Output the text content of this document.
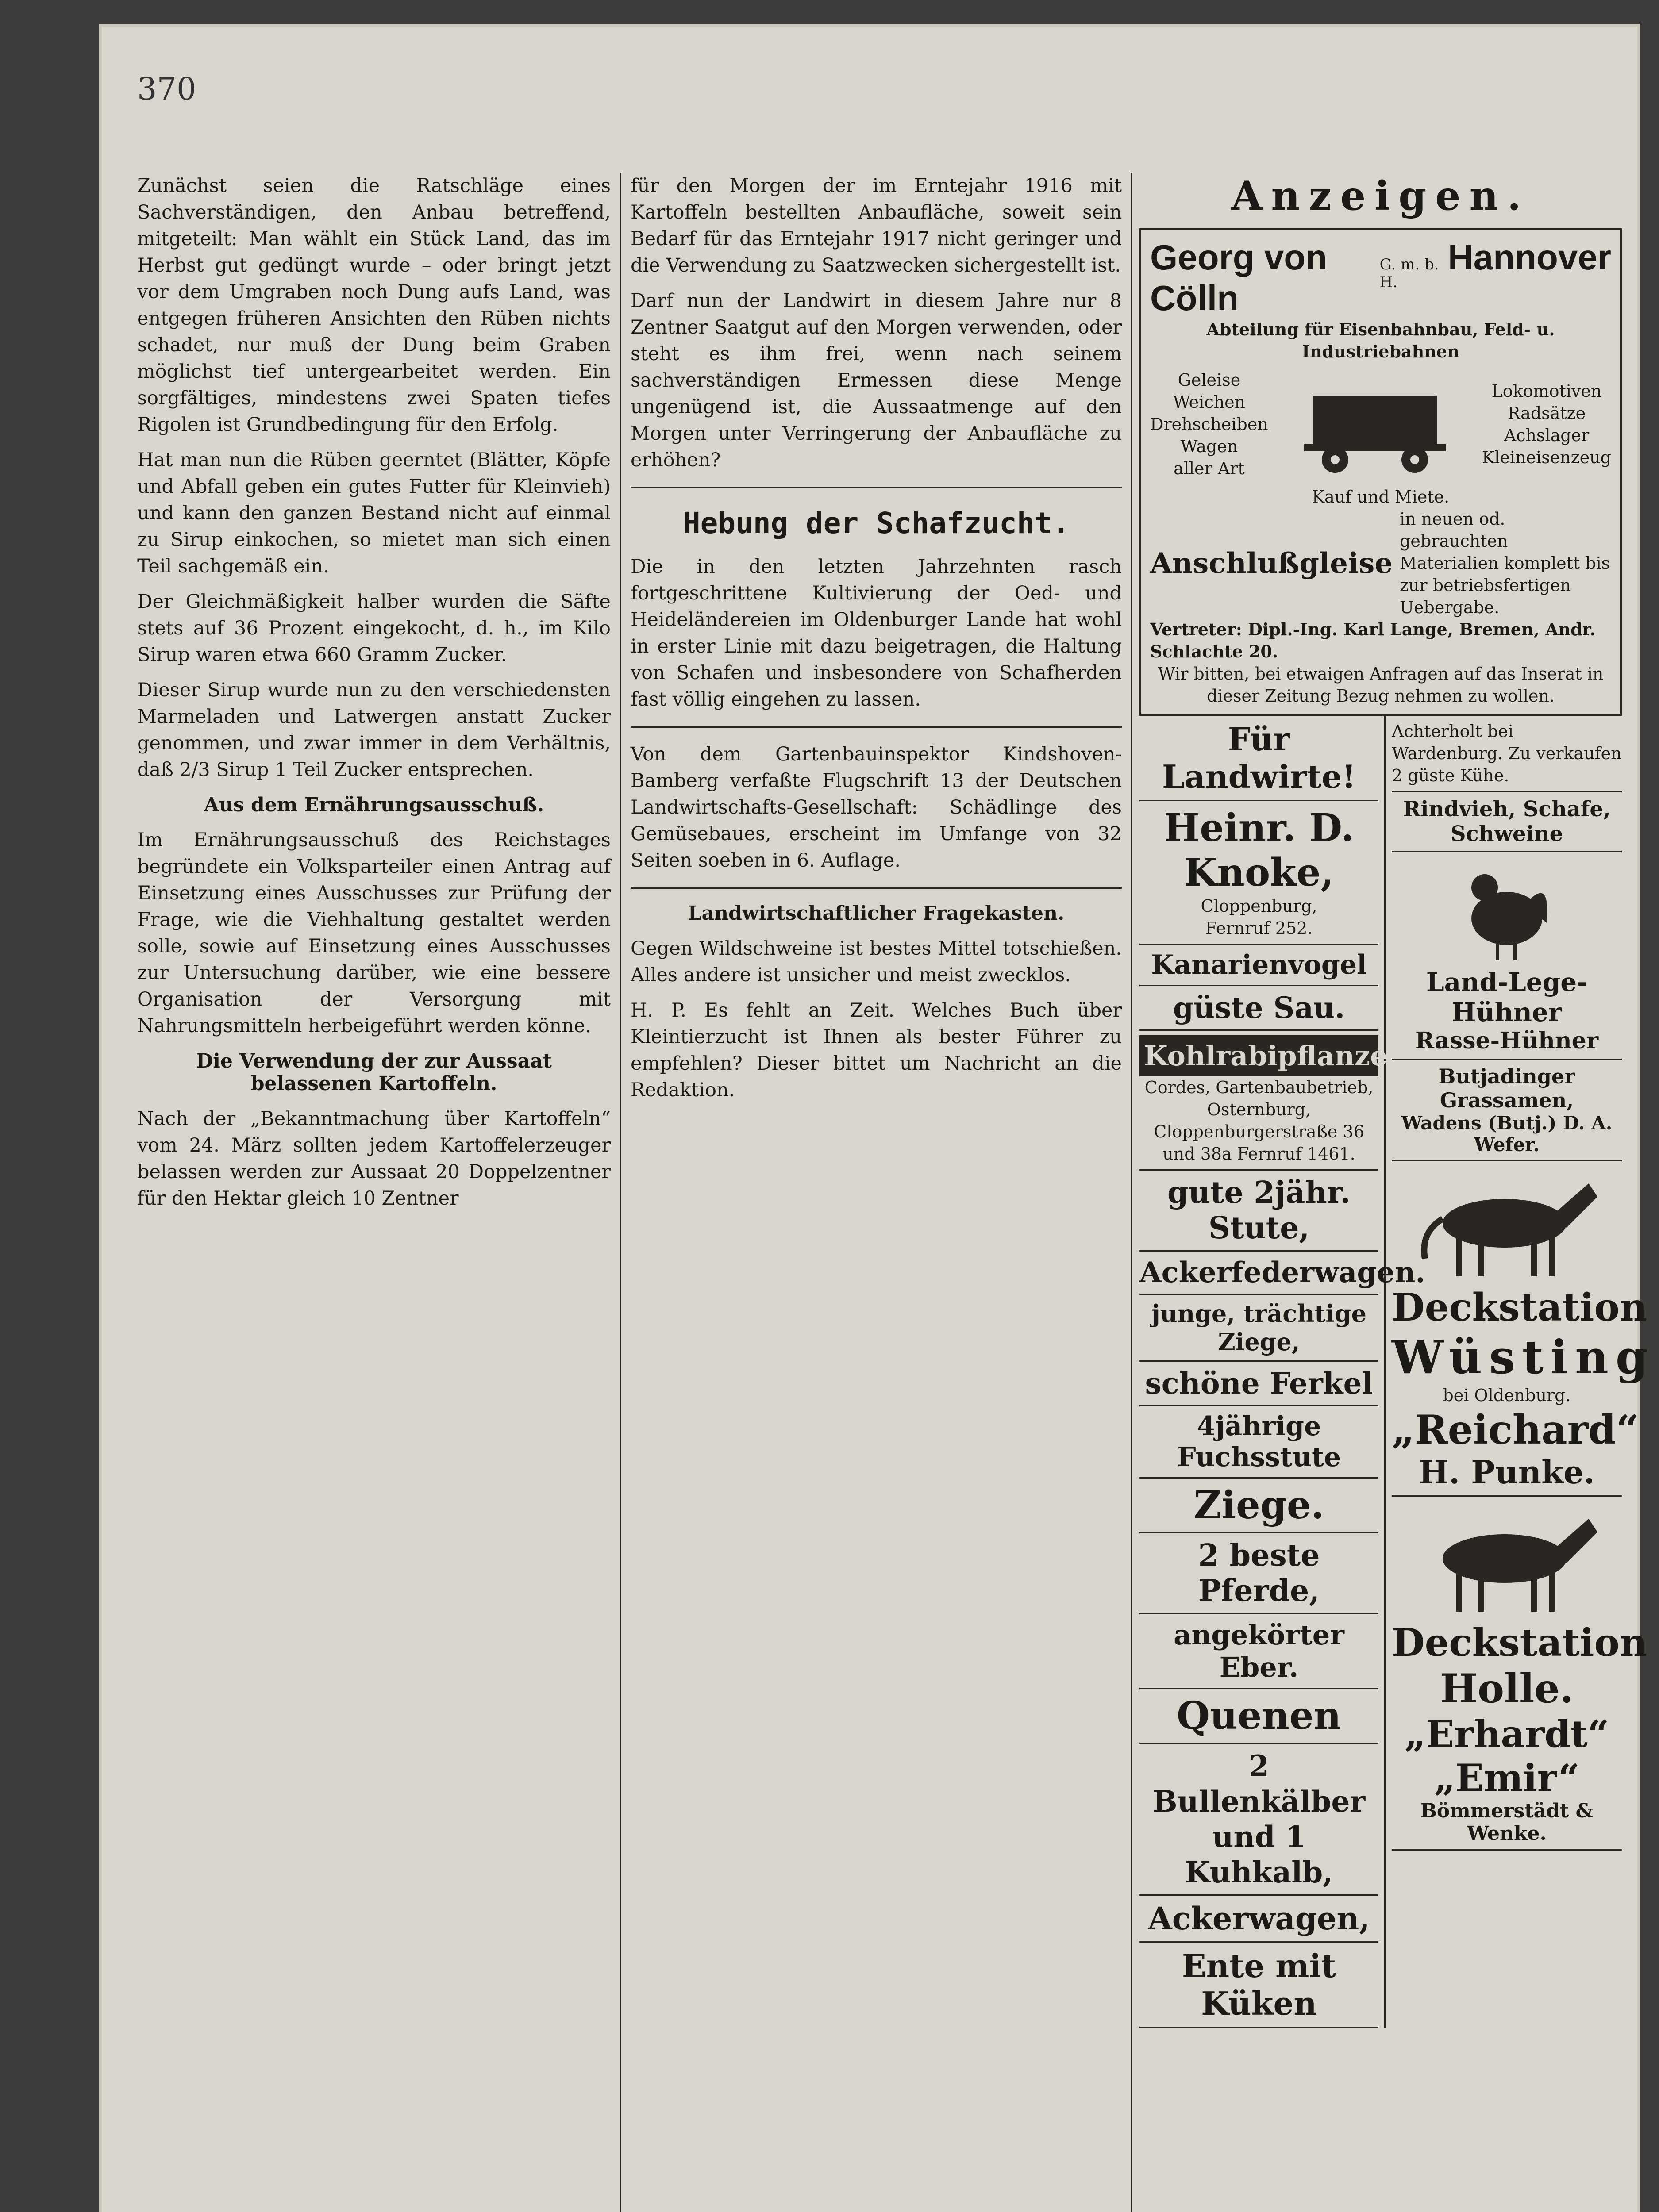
370

Zunächst seien die Ratschläge eines Sachverständigen, den Anbau betreffend, mitgeteilt: Man wählt ein Stück Land, das im Herbst gut gedüngt wurde – oder bringt jetzt vor dem Umgraben noch Dung aufs Land, was entgegen früheren Ansichten den Rüben nichts schadet, nur muß der Dung beim Graben möglichst tief untergearbeitet werden. Ein sorgfältiges, mindestens zwei Spaten tiefes Rigolen ist Grundbedingung für den Erfolg.

Hat man nun die Rüben geerntet (Blätter, Köpfe und Abfall geben ein gutes Futter für Kleinvieh) und kann den ganzen Bestand nicht auf einmal zu Sirup einkochen, so mietet man sich einen Teil sachgemäß ein.

Der Gleichmäßigkeit halber wurden die Säfte stets auf 36 Prozent eingekocht, d. h., im Kilo Sirup waren etwa 660 Gramm Zucker.

Dieser Sirup wurde nun zu den verschiedensten Marmeladen und Latwergen anstatt Zucker genommen, und zwar immer in dem Verhältnis, daß 2/3 Sirup 1 Teil Zucker entsprechen.

Aus dem Ernährungsausschuß.

Im Ernährungsausschuß des Reichstages begründete ein Volksparteiler einen Antrag auf Einsetzung eines Ausschusses zur Prüfung der Frage, wie die Viehhaltung gestaltet werden solle, sowie auf Einsetzung eines Ausschusses zur Untersuchung darüber, wie eine bessere Organisation der Versorgung mit Nahrungsmitteln herbeigeführt werden könne.

Die Verwendung der zur Aussaat belassenen Kartoffeln.

Nach der „Bekanntmachung über Kartoffeln“ vom 24. März sollten jedem Kartoffelerzeuger belassen werden zur Aussaat 20 Doppelzentner für den Hektar gleich 10 Zentner

für den Morgen der im Erntejahr 1916 mit Kartoffeln bestellten Anbaufläche, soweit sein Bedarf für das Erntejahr 1917 nicht geringer und die Verwendung zu Saatzwecken sichergestellt ist.

Darf nun der Landwirt in diesem Jahre nur 8 Zentner Saatgut auf den Morgen verwenden, oder steht es ihm frei, wenn nach seinem sachverständigen Ermessen diese Menge ungenügend ist, die Aussaatmenge auf den Morgen unter Verringerung der Anbaufläche zu erhöhen?

Hebung der Schafzucht.

Die in den letzten Jahrzehnten rasch fortgeschrittene Kultivierung der Oed- und Heideländereien im Oldenburger Lande hat wohl in erster Linie mit dazu beigetragen, die Haltung von Schafen und insbesondere von Schafherden fast völlig eingehen zu lassen.

Von dem Gartenbauinspektor Kindshoven-Bamberg verfaßte Flugschrift 13 der Deutschen Landwirtschafts-Gesellschaft: Schädlinge des Gemüsebaues, erscheint im Umfange von 32 Seiten soeben in 6. Auflage.

Landwirtschaftlicher Fragekasten.

Gegen Wildschweine ist bestes Mittel totschießen. Alles andere ist unsicher und meist zwecklos.

H. P. Es fehlt an Zeit. Welches Buch über Kleintierzucht ist Ihnen als bester Führer zu empfehlen? Dieser bittet um Nachricht an die Redaktion.

Anzeigen.
Georg von Cölln
G. m. b. H.
Hannover
Abteilung für Eisenbahnbau, Feld- u. Industriebahnen
Geleise
Weichen
Drehscheiben
Wagen
aller Art
Lokomotiven
Radsätze
Achslager
Kleineisenzeug
Kauf und Miete.
Anschlußgleise
in neuen od. gebrauchten Materialien komplett bis zur betriebsfertigen Uebergabe.
Vertreter: Dipl.-Ing. Karl Lange, Bremen, Andr. Schlachte 20.
Wir bitten, bei etwaigen Anfragen auf das Inserat in dieser Zeitung Bezug nehmen zu wollen.
Für Landwirte!
Heinr. D. Knoke,
Cloppenburg,
Fernruf 252.
Kanarienvogel
güste Sau.
Kohlrabipflanzen
Cordes, Gartenbaubetrieb, Osternburg, Cloppenburgerstraße 36 und 38a Fernruf 1461.
gute 2jähr. Stute,
Ackerfederwagen.
junge, trächtige Ziege,
schöne Ferkel
4jährige Fuchsstute
Ziege.
2 beste Pferde,
angekörter Eber.
Quenen
2 Bullenkälber und 1 Kuhkalb,
Ackerwagen,
Ente mit Küken
Achterholt bei Wardenburg. Zu verkaufen 2 güste Kühe.
Rindvieh, Schafe, Schweine
Land-Lege-Hühner
Rasse-Hühner
Butjadinger Grassamen,
Wadens (Butj.) D. A. Wefer.
Deckstation
Wüsting
bei Oldenburg.
„Reichard“
H. Punke.
Deckstation
Holle.
„Erhardt“
„Emir“
Bömmerstädt & Wenke.
